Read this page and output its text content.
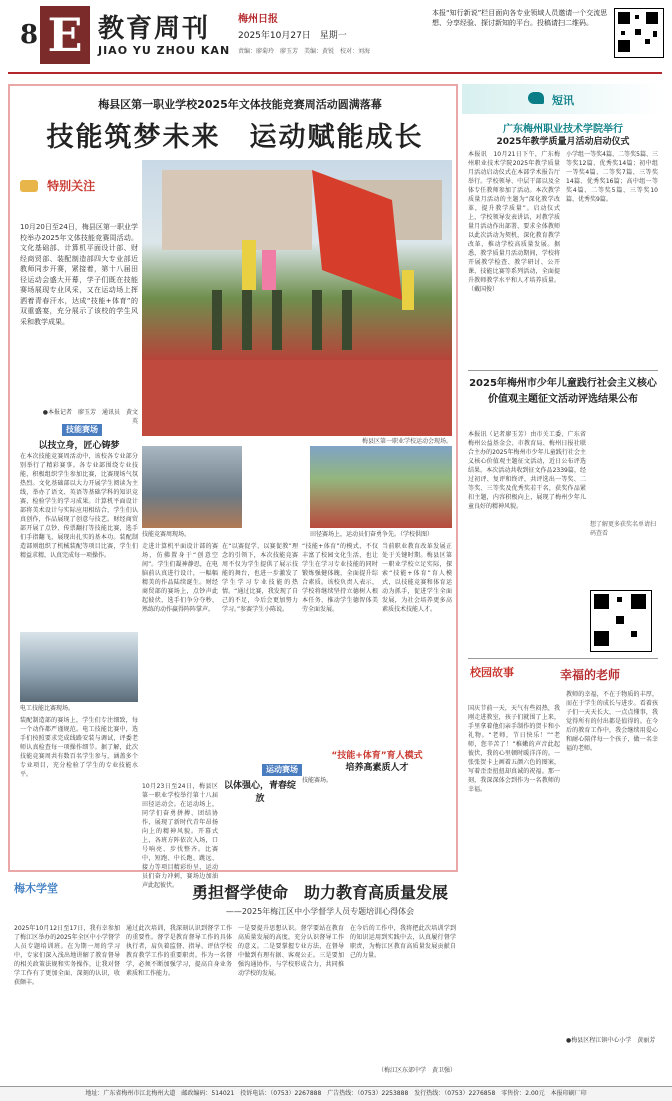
8 E 教育周刊
JIAO YU ZHOU KAN
梅州日报
2025年10月27日　星期一
责编：廖菊玲　廖玉芳　美编：黄锐　校对：刘海
本报“知行新说”栏目面向各专业领域人员邀请一个交流思想、分享经验、探讨新知的平台。投稿请扫二维码。
梅县区第一职业学校2025年文体技能竞赛周活动圆满落幕
技能筑梦未来　运动赋能成长
特别关注
10月20日至24日，梅县区第一职业学校举办2025年文体技能竞赛周活动。文化基础部、计算机平面设计部、财经商贸部、装配制造部四大专业部近教师同步开赛，紧接着，第十八届田径运动会盛大开幕，学子们既在技能赛场展现专业风采，又在运动场上挥洒着青春汗水，达成“技能+体育”的双重盛宴，充分展示了该校的学生风采和教学成果。
●本报记者　廖玉芳　通讯员　黄文英
梅县区第一职业学校运动会现场。
技能赛场
以技立身，匠心铸梦
在本次技能竞赛周活动中，该校各专业部分别举行了精彩赛事。各专业部围绕专业技能，积极组织学生参加比赛，比赛现场气氛热烈。文化基础部以大力开展学生阅读为主线，举办了语文、英语等基础学科的知识竞赛，检验学生的学习成果。计算机平面设计部将美术设计与实际应用相结合，学生们认真创作，作品展现了创意与技艺。财经商贸部开展了点钞、传票翻打等技能比赛，选手们手指翻飞，展现出扎实的基本功。装配制造部则组织了机械装配等项目比赛，学生们精益求精，认真完成每一项操作。
技能竞赛周现场。	田径赛场上，运动员们奋勇争先。（学校供图）
走进计算机平面设计部的赛场，仿佛置身于“创意空间”。学生们凝神静思，在电脑前认真进行设计，一幅幅精美的作品陆续诞生。财经商贸部的赛场上，点钞声此起彼伏，选手们争分夺秒，熟练的动作赢得阵阵掌声。
在“以赛促学、以赛促教”理念的引领下，本次技能竞赛周不仅为学生提供了展示技能的舞台，也进一步激发了学生学习专业技能的热情。“通过比赛，我发现了自己的不足，今后会更加努力学习。”参赛学生小陈说。
电工技能比赛现场。
装配制造部的赛场上，学生们专注细致，每一个动作都严谨规范。电工技能比赛中，选手们按照要求完成线路安装与调试，评委老师认真检查每一项操作细节。据了解，此次技能竞赛周共有数百名学生参与，涵盖多个专业项目，充分检验了学生的专业技能水平。
“技能+体育”的模式，不仅丰富了校园文化生活，也让学生在学习专业技能的同时锻炼强健体魄，全面提升综合素质。该校负责人表示，学校将继续坚持立德树人根本任务，推动学生德智体美劳全面发展。
当前职业教育改革发展正处于关键时期。梅县区第一职业学校立足实际，探索“技能+体育”育人模式，以技能竞赛和体育运动为抓手，促进学生全面发展，为社会培养更多高素质技术技能人才。
运动赛场
以体强心，青春绽放
10月23日至24日，梅县区第一职业学校举行第十八届田径运动会。在运动场上，同学们奋勇拼搏、团结协作，展现了新时代青年昂扬向上的精神风貌。开幕式上，各班方阵依次入场，口号响亮、步伐整齐。比赛中，短跑、中长跑、跳远、接力等项目精彩纷呈，运动员们奋力冲刺，赛场边加油声此起彼伏。
“技能+体育”育人模式
培养高素质人才
技能赛场。
短讯
广东梅州职业技术学院举行
2025年教学质量月活动启动仪式
本报讯　10月21日下午，广东梅州职业技术学院2025年教学质量月活动启动仪式在本部学术报告厅举行。学校领导、中层干部以及全体专任教师参加了活动。本次教学质量月活动的主题为“深化教学改革，提升教学质量”。启动仪式上，学校领导发表讲话，对教学质量月活动作出部署，要求全体教师以此次活动为契机，深化教育教学改革，推动学校高质量发展。据悉，教学质量月活动期间，学校将开展教学检查、教学研讨、公开课、技能比赛等系列活动，全面提升教师教学水平和人才培养质量。（戴国俊）
小学组一等奖4篇、二等奖5篇、三等奖12篇、优秀奖14篇；初中组一等奖4篇、二等奖7篇、三等奖14篇、优秀奖16篇；高中组一等奖4篇、二等奖5篇、三等奖10篇、优秀奖9篇。
2025年梅州市少年儿童践行社会主义核心价值观主题征文活动评选结果公布
本报讯（记者廖玉芳）由市关工委、广东省梅州公益基金会、市教育局、梅州日报社联合主办的2025年梅州市少年儿童践行社会主义核心价值观主题征文活动，近日公布评选结果。本次活动共收到征文作品2339篇，经过初评、复评和终评，共评选出一等奖、二等奖、三等奖及优秀奖若干名，获奖作品紧扣主题，内容积极向上，展现了梅州少年儿童良好的精神风貌。
想了解更多获奖名单请扫码查看
校园故事	幸福的老师
国庆节前一天，天气有些闷热，我刚走进教室，孩子们就围了上来，手里拿着他们亲手制作的贺卡和小礼物。“老师，节日快乐！”“老师，您辛苦了！”稚嫩的声音此起彼伏，我的心里顿时暖洋洋的。一张张贺卡上画着五颜六色的图案，写着歪歪扭扭却真诚的祝福。那一刻，我深深体会到作为一名教师的幸福。
教师的幸福，不在于物质的丰厚，而在于学生的成长与进步。看着孩子们一天天长大，一点点懂事，我觉得所有的付出都是值得的。在今后的教育工作中，我会继续用爱心和耐心陪伴每一个孩子，做一名幸福的老师。
●梅县区程江镇中心小学　黄丽芳
梅木学堂	勇担督学使命　助力教育高质量发展
——2025年梅江区中小学督学人员专题培训心得体会
2025年10月12日至17日，我有幸参加了梅江区举办的2025年全区中小学督学人员专题培训班。在为期一周的学习中，专家们深入浅出地讲解了教育督导的相关政策法规和实务操作，让我对督学工作有了更加全面、深刻的认识，收获颇丰。
通过此次培训，我深刻认识到督学工作的重要性。督学是教育督导工作的具体执行者，肩负着监督、指导、评估学校教育教学工作的重要职责。作为一名督学，必须不断加强学习，提高自身业务素质和工作能力。
一是要提升思想认识。督学要站在教育高质量发展的高度，充分认识督导工作的意义。二是要掌握专业方法，在督导中做到有理有据、客观公正。三是要加强沟通协作，与学校形成合力，共同推动学校的发展。
在今后的工作中，我将把此次培训学到的知识运用到实践中去，认真履行督学职责，为梅江区教育高质量发展贡献自己的力量。
（梅江区东郊中学　黄卫强）
地址：广东省梅州市江北梅州大道　邮政编码：514021　投诉电话：（0753）2267888　广告热线：（0753）2253888　发行热线：（0753）2276858　零售价：2.00元　本报印刷厂印
